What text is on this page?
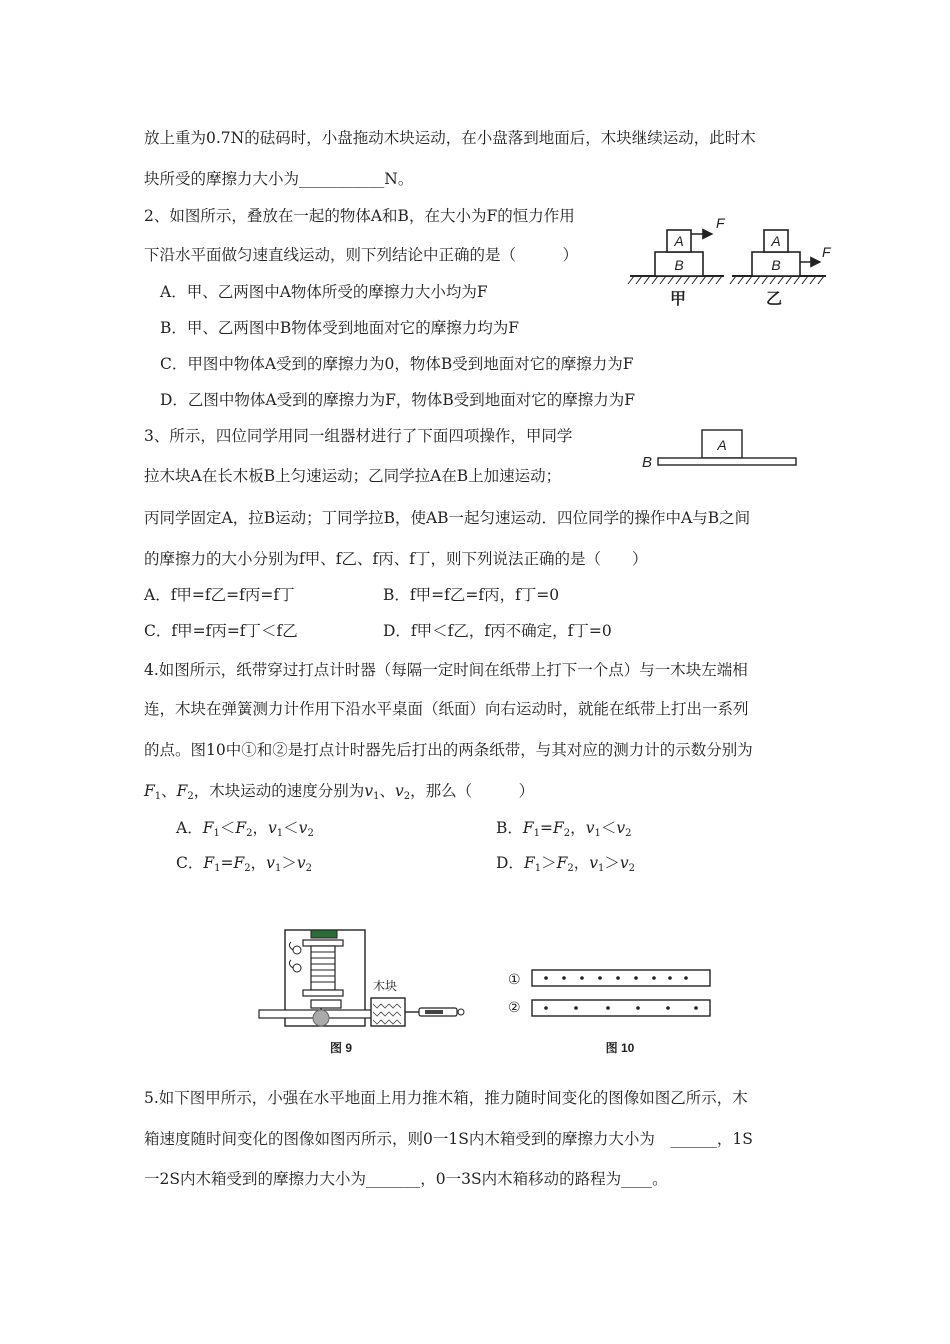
放上重为0.7N的砝码时，小盘拖动木块运动，在小盘落到地面后，木块继续运动，此时木
块所受的摩擦力大小为___________N。
2、如图所示，叠放在一起的物体A和B，在大小为F的恒力作用
下沿水平面做匀速直线运动，则下列结论中正确的是（　　　）
A．甲、乙两图中A物体所受的摩擦力大小均为F
B．甲、乙两图中B物体受到地面对它的摩擦力均为F
C．甲图中物体A受到的摩擦力为0，物体B受到地面对它的摩擦力为F
D．乙图中物体A受到的摩擦力为F，物体B受到地面对它的摩擦力为F
A
B
F
甲
A
B
F
乙
3、所示，四位同学用同一组器材进行了下面四项操作，甲同学
拉木块A在长木板B上匀速运动；乙同学拉A在B上加速运动；
丙同学固定A，拉B运动；丁同学拉B，使AB一起匀速运动．四位同学的操作中A与B之间
的摩擦力的大小分别为f甲、f乙、f丙、f丁，则下列说法正确的是（　　）
A．f甲=f乙=f丙=f丁	B．f甲=f乙=f丙，f丁=0
C．f甲=f丙=f丁＜f乙	D．f甲＜f乙，f丙不确定，f丁=0
A
B
4.如图所示，纸带穿过打点计时器（每隔一定时间在纸带上打下一个点）与一木块左端相
连，木块在弹簧测力计作用下沿水平桌面（纸面）向右运动时，就能在纸带上打出一系列
的点。图10中①和②是打点计时器先后打出的两条纸带，与其对应的测力计的示数分别为
$F_1$、$F_2$，木块运动的速度分别为$v_1$、$v_2$，那么（　　　）
A．$F_1<F_2$，$v_1<v_2$	B．$F_1=F_2$，$v_1<v_2$
C．$F_1=F_2$，$v_1>v_2$	D．$F_1>F_2$，$v_1>v_2$
木块
图 9
①
②
图 10
5.如下图甲所示，小强在水平地面上用力推木箱，推力随时间变化的图像如图乙所示，木
箱速度随时间变化的图像如图丙所示，则0一1S内木箱受到的摩擦力大小为　______，1S
一2S内木箱受到的摩擦力大小为_______，0一3S内木箱移动的路程为____。
